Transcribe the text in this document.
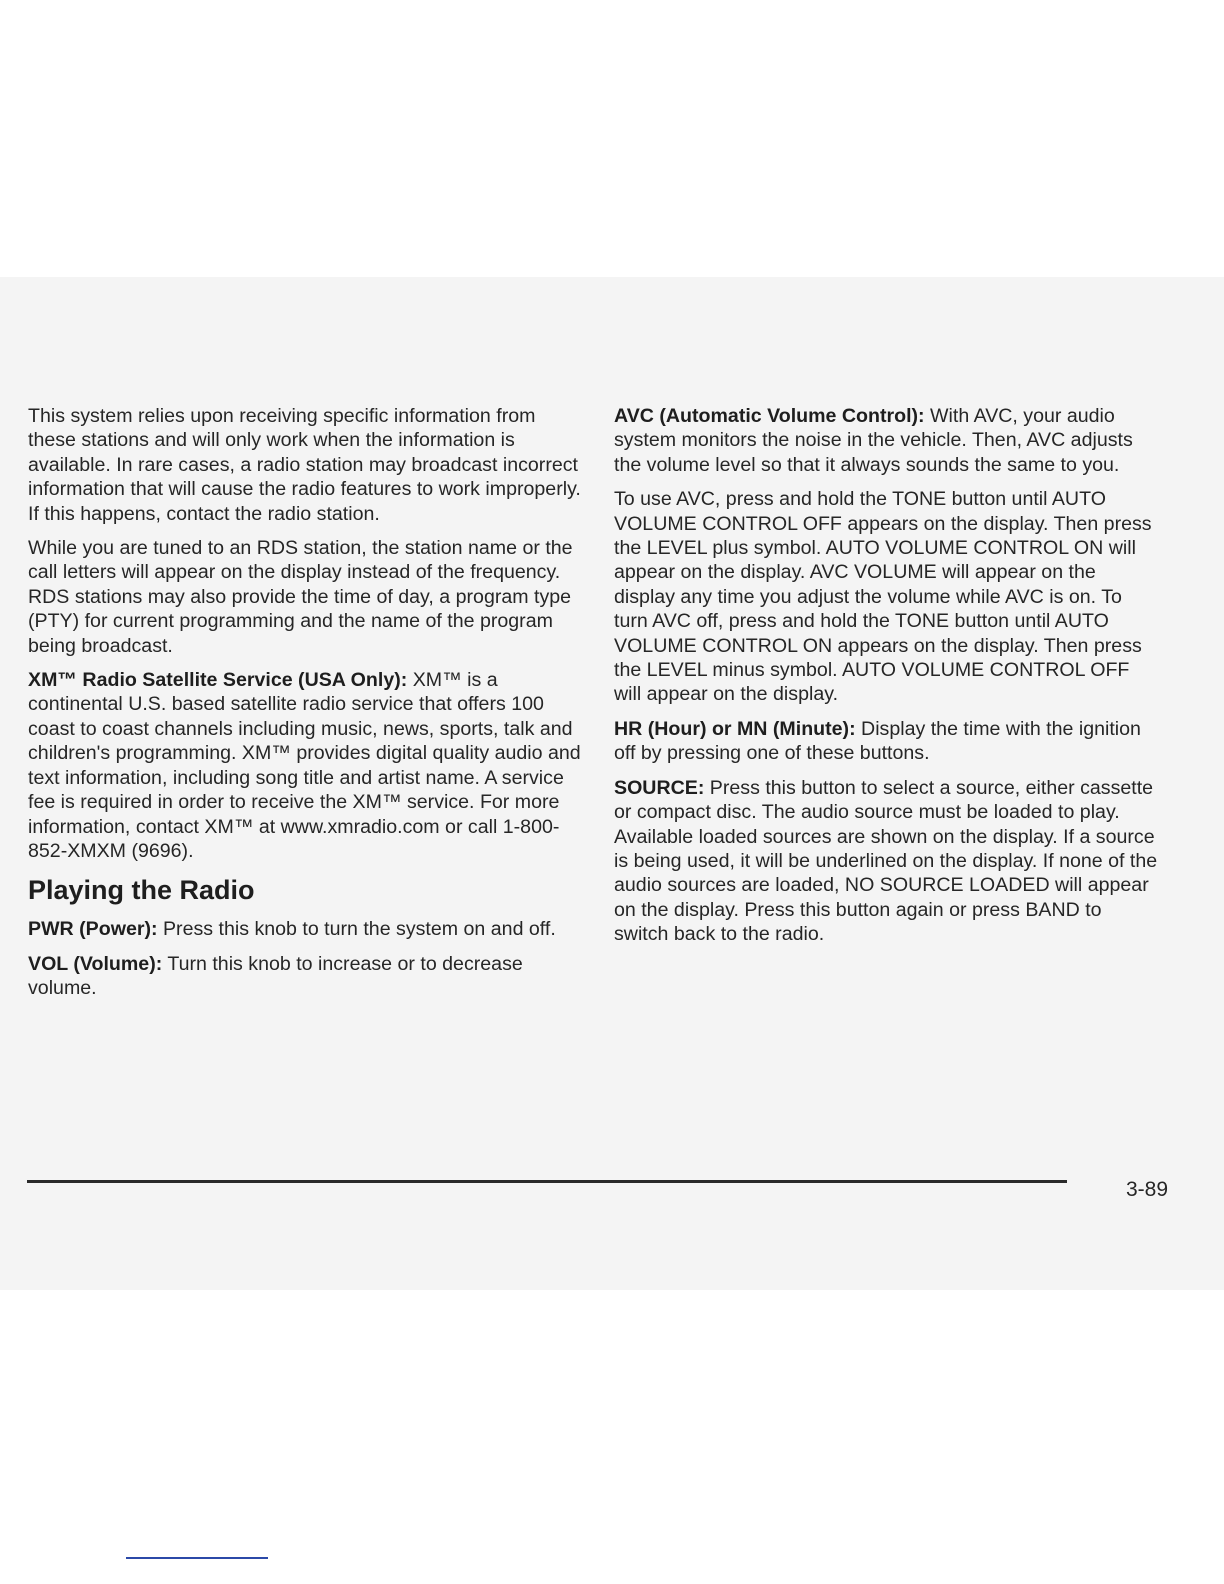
This system relies upon receiving specific information from these stations and will only work when the information is available. In rare cases, a radio station may broadcast incorrect information that will cause the radio features to work improperly. If this happens, contact the radio station.

While you are tuned to an RDS station, the station name or the call letters will appear on the display instead of the frequency. RDS stations may also provide the time of day, a program type (PTY) for current programming and the name of the program being broadcast.

XM™ Radio Satellite Service (USA Only): XM™ is a continental U.S. based satellite radio service that offers 100 coast to coast channels including music, news, sports, talk and children's programming. XM™ provides digital quality audio and text information, including song title and artist name. A service fee is required in order to receive the XM™ service. For more information, contact XM™ at www.xmradio.com or call 1-800-852-XMXM (9696).

Playing the Radio

PWR (Power): Press this knob to turn the system on and off.

VOL (Volume): Turn this knob to increase or to decrease volume.

AVC (Automatic Volume Control): With AVC, your audio system monitors the noise in the vehicle. Then, AVC adjusts the volume level so that it always sounds the same to you.

To use AVC, press and hold the TONE button until AUTO VOLUME CONTROL OFF appears on the display. Then press the LEVEL plus symbol. AUTO VOLUME CONTROL ON will appear on the display. AVC VOLUME will appear on the display any time you adjust the volume while AVC is on. To turn AVC off, press and hold the TONE button until AUTO VOLUME CONTROL ON appears on the display. Then press the LEVEL minus symbol. AUTO VOLUME CONTROL OFF will appear on the display.

HR (Hour) or MN (Minute): Display the time with the ignition off by pressing one of these buttons.

SOURCE: Press this button to select a source, either cassette or compact disc. The audio source must be loaded to play. Available loaded sources are shown on the display. If a source is being used, it will be underlined on the display. If none of the audio sources are loaded, NO SOURCE LOADED will appear on the display. Press this button again or press BAND to switch back to the radio.

3-89
